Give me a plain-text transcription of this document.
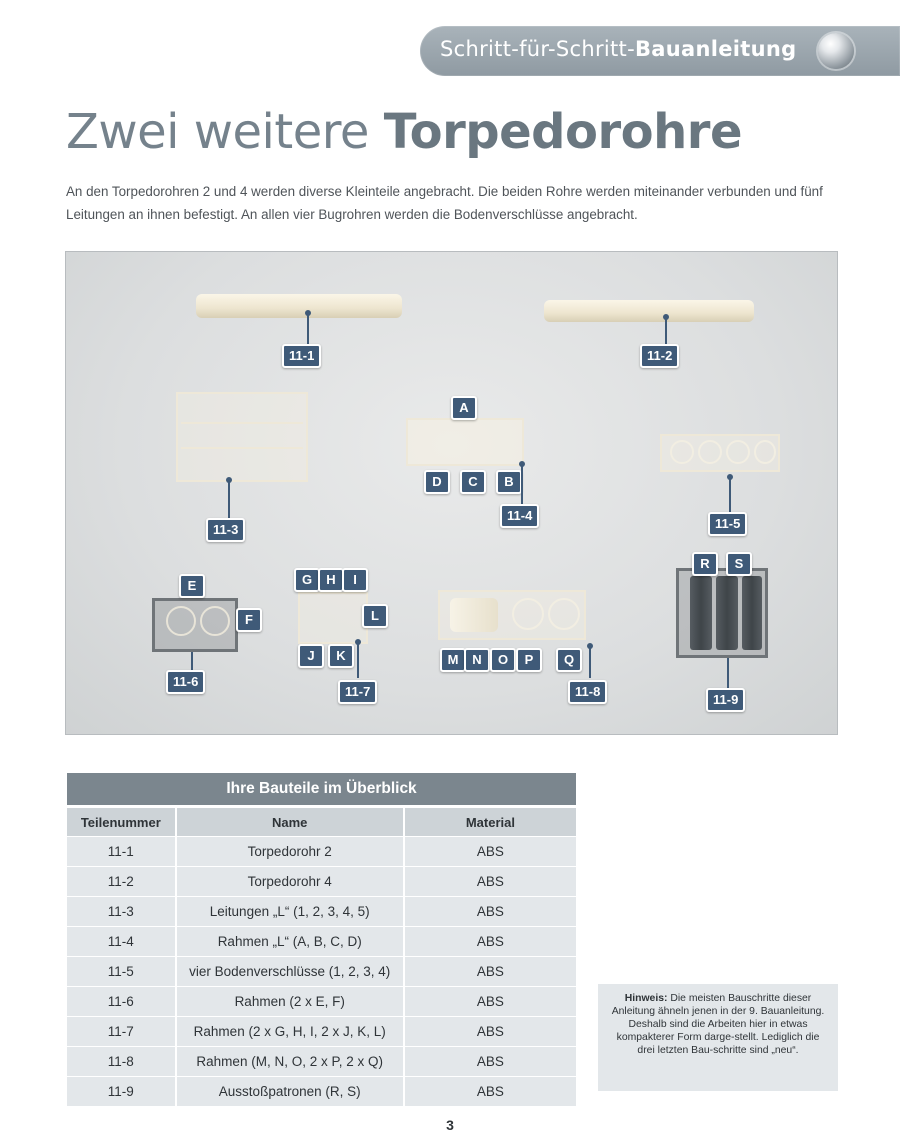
Schritt-für-Schritt-Bauanleitung
Zwei weitere Torpedorohre
An den Torpedorohren 2 und 4 werden diverse Kleinteile angebracht. Die beiden Rohre werden miteinander verbunden und fünf Leitungen an ihnen befestigt. An allen vier Bugrohren werden die Bodenverschlüsse angebracht.
11-1	11-2
11-3
A
D	C	B
11-4
11-5
E
F
11-6
G	H	I
L
J	K
11-7
M	N	O	P	Q
11-8
R	S
11-9
Ihre Bauteile im Überblick
Teilenummer	Name	Material
11-1	Torpedorohr 2	ABS
11-2	Torpedorohr 4	ABS
11-3	Leitungen „L“ (1, 2, 3, 4, 5)	ABS
11-4	Rahmen „L“ (A, B, C, D)	ABS
11-5	vier Bodenverschlüsse (1, 2, 3, 4)	ABS
11-6	Rahmen (2 x E, F)	ABS
11-7	Rahmen (2 x G, H, I, 2 x J, K, L)	ABS
11-8	Rahmen (M, N, O, 2 x P, 2 x Q)	ABS
11-9	Ausstoßpatronen (R, S)	ABS
Hinweis: Die meisten Bauschritte dieser Anleitung ähneln jenen in der 9. Bauanleitung. Deshalb sind die Arbeiten hier in etwas kompakterer Form darge-stellt. Lediglich die drei letzten Bau-schritte sind „neu“.
3
